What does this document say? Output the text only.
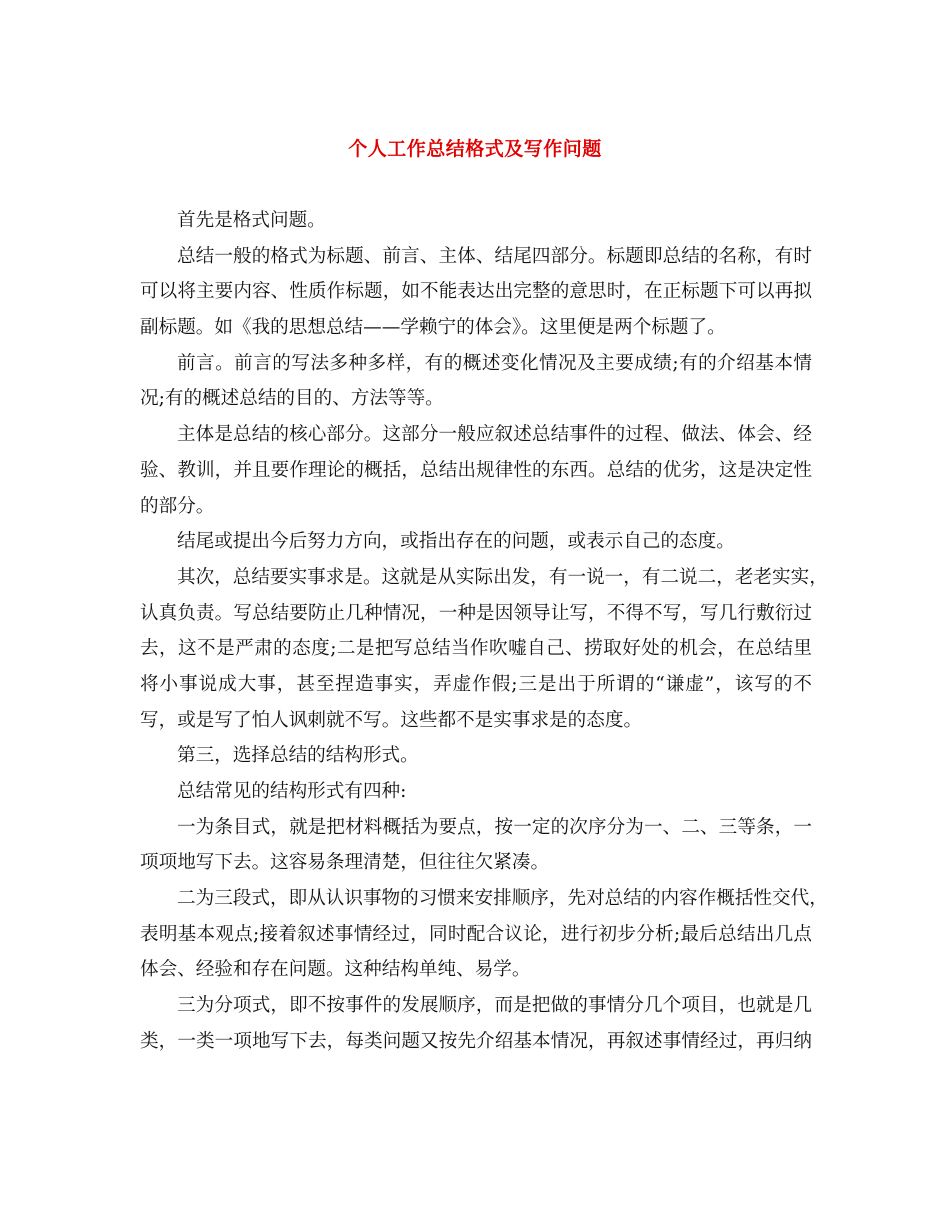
个人工作总结格式及写作问题
首先是格式问题。
总结一般的格式为标题、前言、主体、结尾四部分。标题即总结的名称，有时
可以将主要内容、性质作标题，如不能表达出完整的意思时，在正标题下可以再拟
副标题。如《我的思想总结——学赖宁的体会》。这里便是两个标题了。
前言。前言的写法多种多样，有的概述变化情况及主要成绩;有的介绍基本情
况;有的概述总结的目的、方法等等。
主体是总结的核心部分。这部分一般应叙述总结事件的过程、做法、体会、经
验、教训，并且要作理论的概括，总结出规律性的东西。总结的优劣，这是决定性
的部分。
结尾或提出今后努力方向，或指出存在的问题，或表示自己的态度。
其次，总结要实事求是。这就是从实际出发，有一说一，有二说二，老老实实，
认真负责。写总结要防止几种情况，一种是因领导让写，不得不写，写几行敷衍过
去，这不是严肃的态度;二是把写总结当作吹嘘自己、捞取好处的机会，在总结里
将小事说成大事，甚至捏造事实，弄虚作假;三是出于所谓的“谦虚”，该写的不
写，或是写了怕人讽刺就不写。这些都不是实事求是的态度。
第三，选择总结的结构形式。
总结常见的结构形式有四种:
一为条目式，就是把材料概括为要点，按一定的次序分为一、二、三等条，一
项项地写下去。这容易条理清楚，但往往欠紧凑。
二为三段式，即从认识事物的习惯来安排顺序，先对总结的内容作概括性交代，
表明基本观点;接着叙述事情经过，同时配合议论，进行初步分析;最后总结出几点
体会、经验和存在问题。这种结构单纯、易学。
三为分项式，即不按事件的发展顺序，而是把做的事情分几个项目，也就是几
类，一类一项地写下去，每类问题又按先介绍基本情况，再叙述事情经过，再归纳
